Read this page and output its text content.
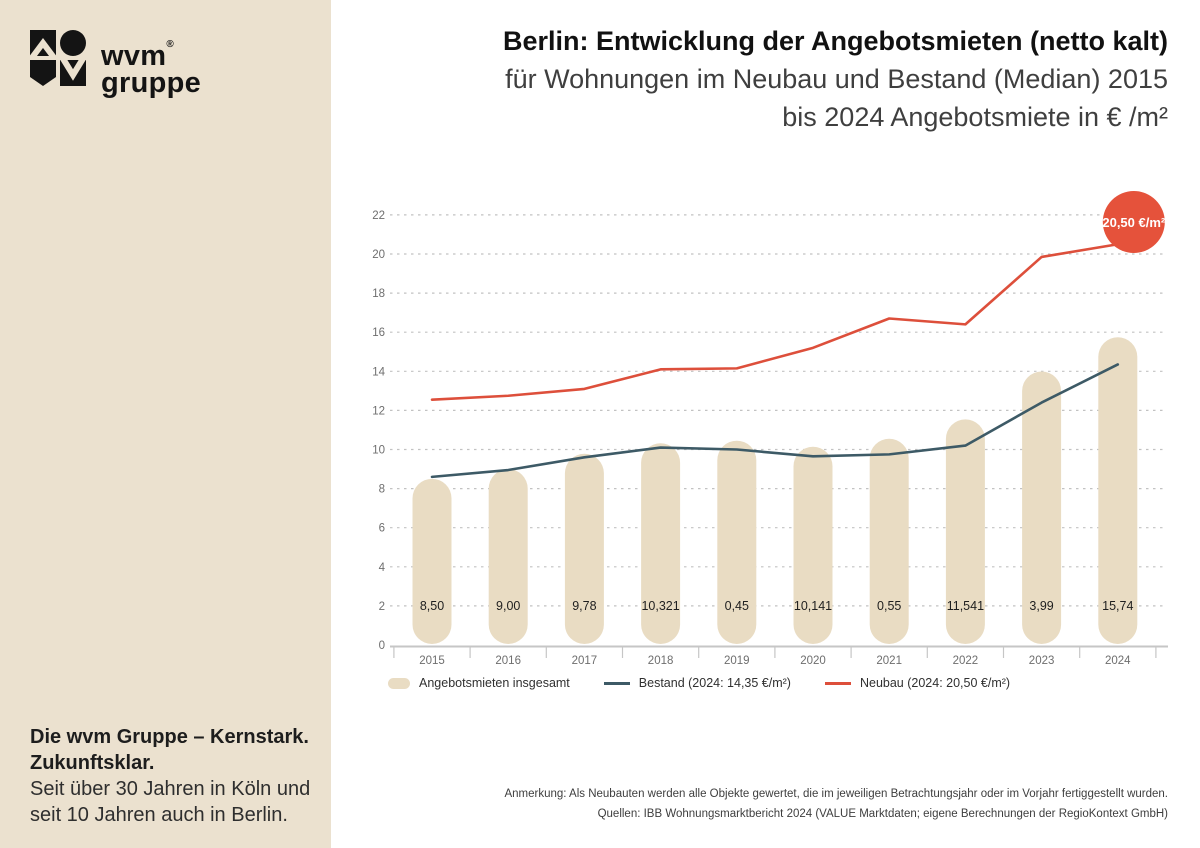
wvm®
gruppe
Die wvm Gruppe – Kernstark.
Zukunftsklar.
Seit über 30 Jahren in Köln und
seit 10 Jahren auch in Berlin.
Berlin: Entwicklung der Angebotsmieten (netto kalt)
für Wohnungen im Neubau und Bestand (Median) 2015
bis 2024 Angebotsmiete in € /m²
0
2
4
6
8
10
12
14
16
18
20
22
8,50	9,00	9,78	10,321	0,45	10,141	0,55	11,541	3,99	15,74
20,50 €/m²
2015	2016	2017	2018	2019	2020	2021	2022	2023	2024
Angebotsmieten insgesamt	Bestand (2024: 14,35 €/m²)	Neubau (2024: 20,50 €/m²)
Anmerkung: Als Neubauten werden alle Objekte gewertet, die im jeweiligen Betrachtungsjahr oder im Vorjahr fertiggestellt wurden.
Quellen: IBB Wohnungsmarktbericht 2024 (VALUE Marktdaten; eigene Berechnungen der RegioKontext GmbH)
